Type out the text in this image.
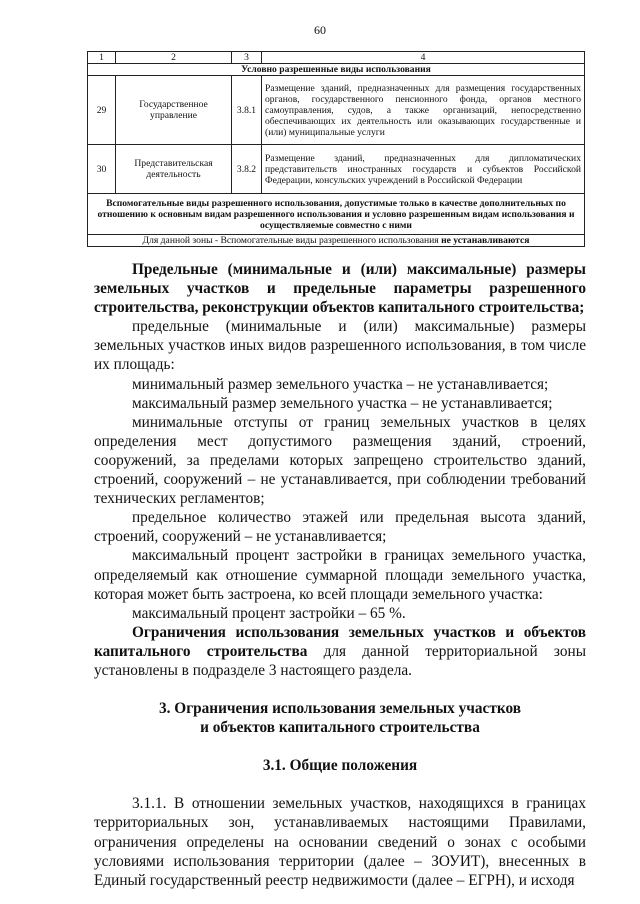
60
1	2	3	4
Условно разрешенные виды использования			
29	Государственное управление	3.8.1	Размещение зданий, предназначенных для размещения государственных органов, государственного пенсионного фонда, органов местного самоуправления, судов, а также организаций, непосредственно обеспечивающих их деятельность или оказывающих государственные и (или) муниципальные услуги
30	Представительская деятельность	3.8.2	Размещение зданий, предназначенных для дипломатических представительств иностранных государств и субъектов Российской Федерации, консульских учреждений в Российской Федерации
Вспомогательные виды разрешенного использования, допустимые только в качестве дополнительных по отношению к основным видам разрешенного использования и условно разрешенным видам использования и осуществляемые совместно с ними			
Для данной зоны - Вспомогательные виды разрешенного использования не устанавливаются			

Предельные (минимальные и (или) максимальные) размеры земельных участков и предельные параметры разрешенного строительства, реконструкции объектов капитального строительства;

предельные (минимальные и (или) максимальные) размеры земельных участков иных видов разрешенного использования, в том числе их площадь:

минимальный размер земельного участка – не устанавливается;

максимальный размер земельного участка – не устанавливается;

минимальные отступы от границ земельных участков в целях определения мест допустимого размещения зданий, строений, сооружений, за пределами которых запрещено строительство зданий, строений, сооружений – не устанавливается, при соблюдении требований технических регламентов;

предельное количество этажей или предельная высота зданий, строений, сооружений – не устанавливается;

максимальный процент застройки в границах земельного участка, определяемый как отношение суммарной площади земельного участка, которая может быть застроена, ко всей площади земельного участка:

максимальный процент застройки – 65 %.

Ограничения использования земельных участков и объектов капитального строительства для данной территориальной зоны установлены в подразделе 3 настоящего раздела.

3. Ограничения использования земельных участков
и объектов капитального строительства
3.1. Общие положения

3.1.1. В отношении земельных участков, находящихся в границах территориальных зон, устанавливаемых настоящими Правилами, ограничения определены на основании сведений о зонах с особыми условиями использования территории (далее – ЗОУИТ), внесенных в Единый государственный реестр недвижимости (далее – ЕГРН), и исходя
